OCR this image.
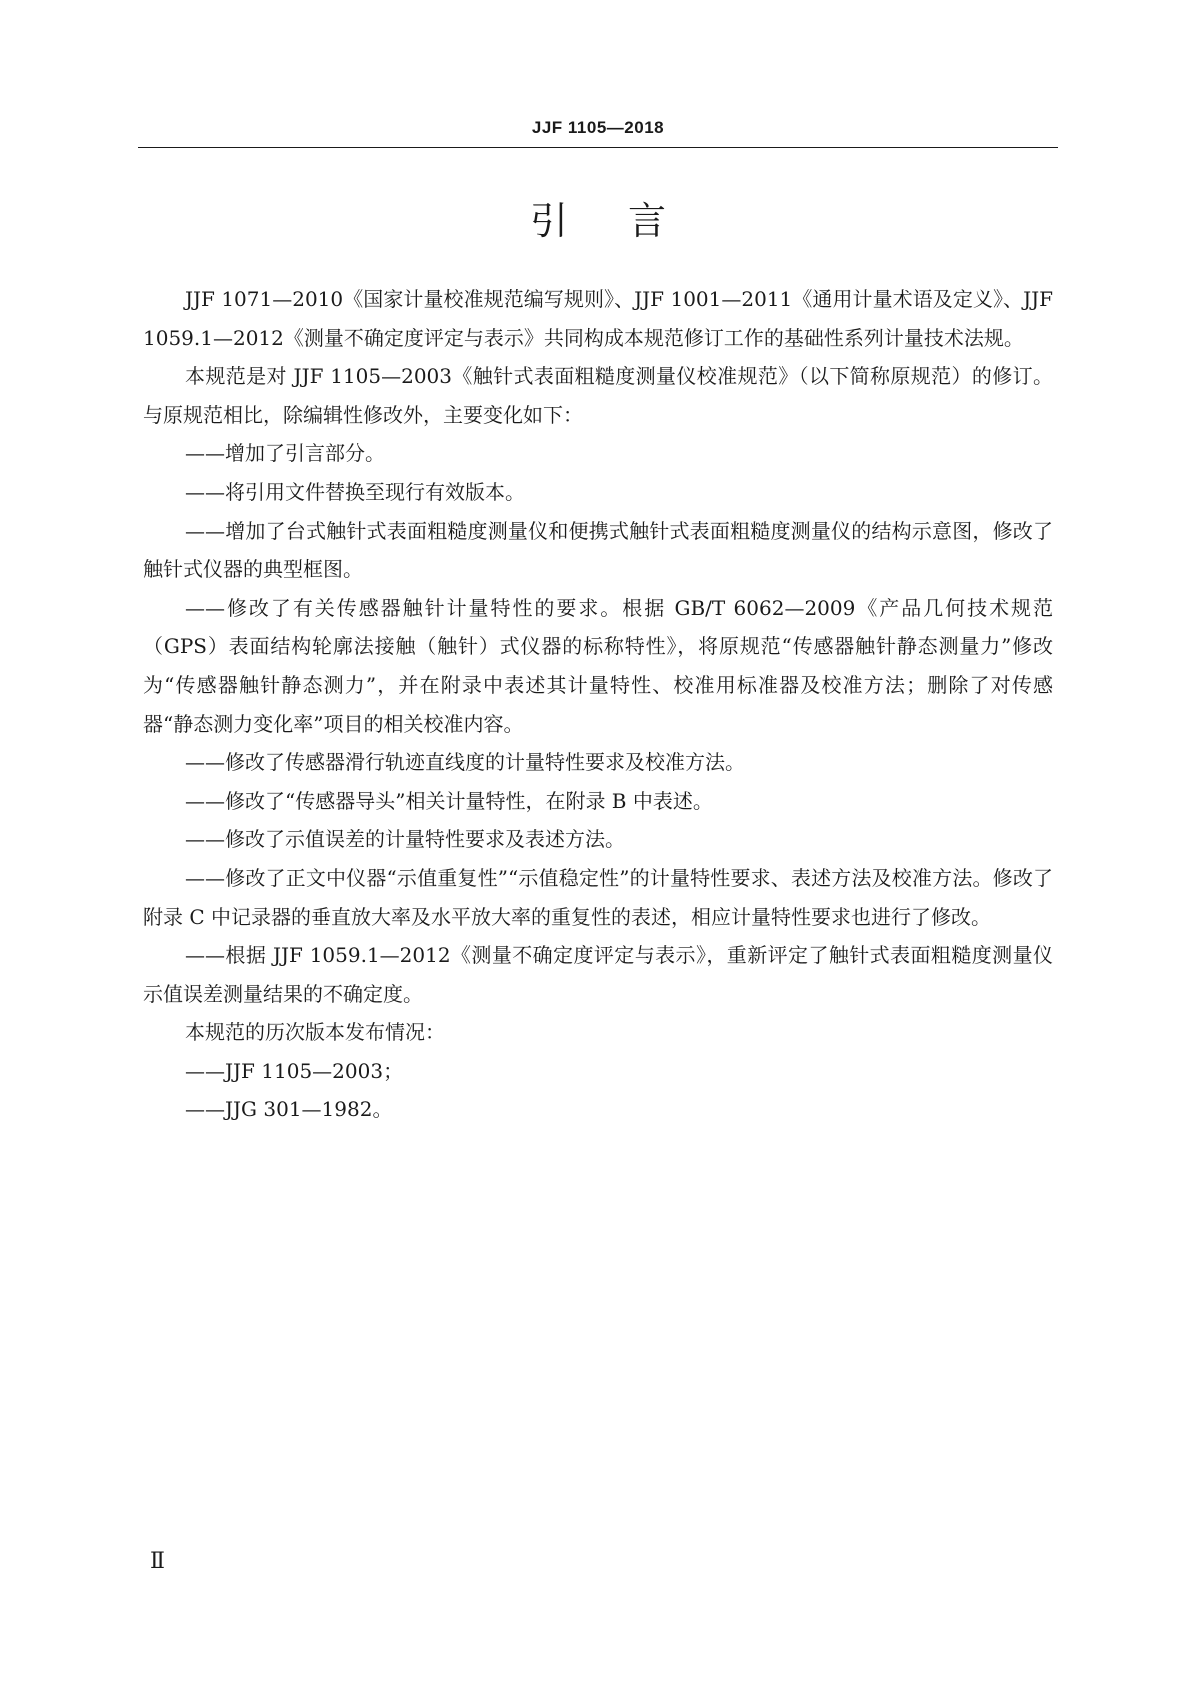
JJF 1105—2018
引言

JJF 1071—2010《国家计量校准规范编写规则》、JJF 1001—2011《通用计量术语及定义》、JJF 1059.1—2012《测量不确定度评定与表示》共同构成本规范修订工作的基础性系列计量技术法规。

本规范是对 JJF 1105—2003《触针式表面粗糙度测量仪校准规范》（以下简称原规范）的修订。与原规范相比，除编辑性修改外，主要变化如下：

——增加了引言部分。

——将引用文件替换至现行有效版本。

——增加了台式触针式表面粗糙度测量仪和便携式触针式表面粗糙度测量仪的结构示意图，修改了触针式仪器的典型框图。

——修改了有关传感器触针计量特性的要求。根据 GB/T 6062—2009《产品几何技术规范（GPS）表面结构轮廓法接触（触针）式仪器的标称特性》，将原规范“传感器触针静态测量力”修改为“传感器触针静态测力”，并在附录中表述其计量特性、校准用标准器及校准方法；删除了对传感器“静态测力变化率”项目的相关校准内容。

——修改了传感器滑行轨迹直线度的计量特性要求及校准方法。

——修改了“传感器导头”相关计量特性，在附录 B 中表述。

——修改了示值误差的计量特性要求及表述方法。

——修改了正文中仪器“示值重复性”“示值稳定性”的计量特性要求、表述方法及校准方法。修改了附录 C 中记录器的垂直放大率及水平放大率的重复性的表述，相应计量特性要求也进行了修改。

——根据 JJF 1059.1—2012《测量不确定度评定与表示》，重新评定了触针式表面粗糙度测量仪示值误差测量结果的不确定度。

本规范的历次版本发布情况：

——JJF 1105—2003；

——JJG 301—1982。

Ⅱ
